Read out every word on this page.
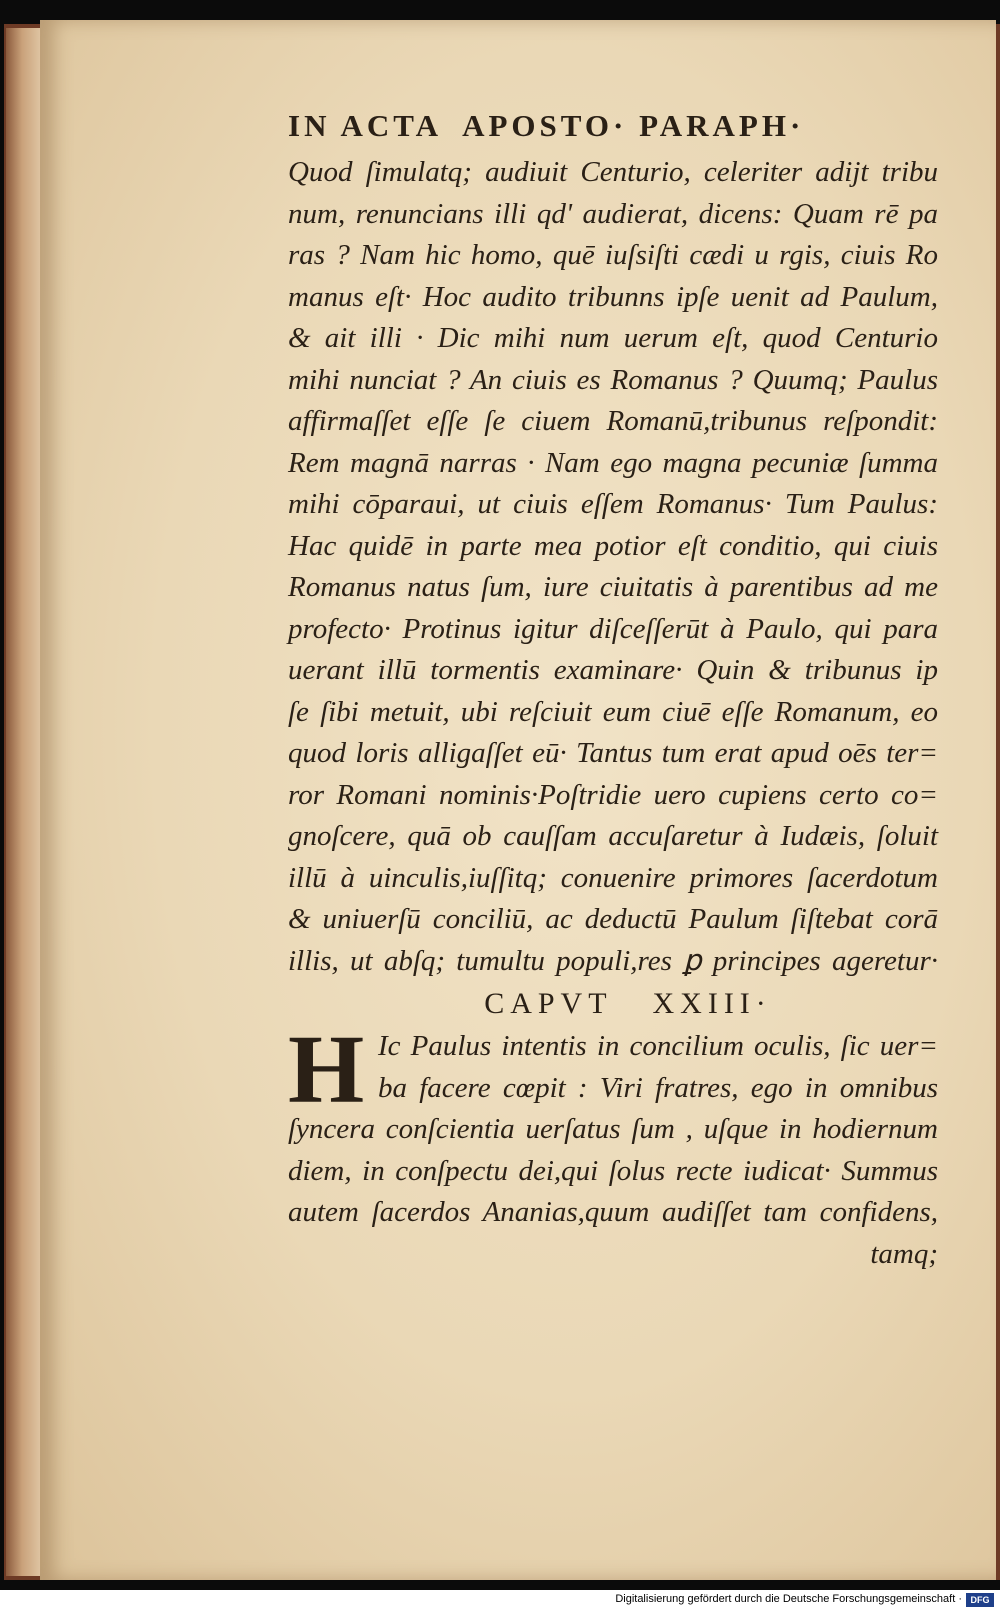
IN ACTA  APOSTO· PARAPH·
Quod ſimulatq; audiuit Centurio, celeriter adijt tribu
num, renuncians illi qd' audierat, dicens: Quam rē pa
ras ? Nam hic homo, quē iuſsiſti cædi u rgis, ciuis Ro
manus eſt· Hoc audito tribunns ipſe uenit ad Paulum,
& ait illi · Dic mihi num uerum eſt, quod Centurio
mihi nunciat ? An ciuis es Romanus ? Quumq; Paulus
affirmaſſet eſſe ſe ciuem Romanū,tribunus reſpondit:
Rem magnā narras · Nam ego magna pecuniæ ſumma
mihi cōparaui, ut ciuis eſſem Romanus· Tum Paulus:
Hac quidē in parte mea potior eſt conditio, qui ciuis
Romanus natus ſum, iure ciuitatis à parentibus ad me
profecto· Protinus igitur diſceſſerūt à Paulo, qui para
uerant illū tormentis examinare· Quin & tribunus ip
ſe ſibi metuit, ubi reſciuit eum ciuē eſſe Romanum, eo
quod loris alligaſſet eū· Tantus tum erat apud oēs ter=
ror Romani nominis·Poſtridie uero cupiens certo co=
gnoſcere, quā ob cauſſam accuſaretur à Iudæis, ſoluit
illū à uinculis,iuſſitq; conuenire primores ſacerdotum
& uniuerſū conciliū, ac deductū Paulum ſiſtebat corā
illis, ut abſq; tumultu populi,res ꝑ principes ageretur·
CAPVT   XXIII·
H Ic Paulus intentis in concilium oculis, ſic uer=
ba facere cœpit : Viri fratres, ego in omnibus
ſyncera conſcientia uerſatus ſum , uſque in hodiernum
diem, in conſpectu dei,qui ſolus recte iudicat· Summus
autem ſacerdos Ananias,quum audiſſet tam confidens,
tamq;
Digitalisierung gefördert durch die Deutsche Forschungsgemeinschaft · DFG
